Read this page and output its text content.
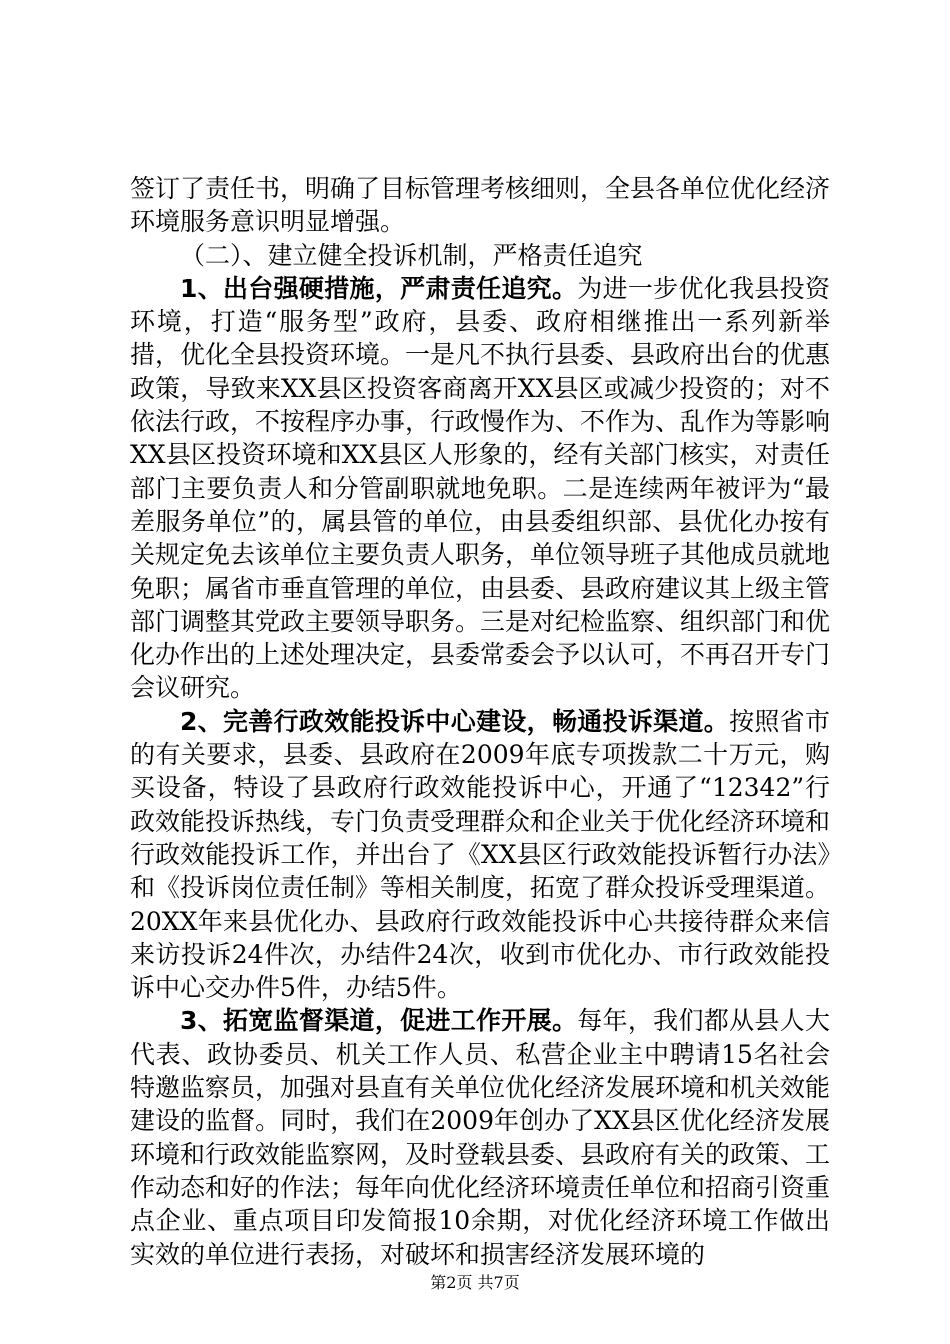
签订了责任书，明确了目标管理考核细则，全县各单位优化经济环境服务意识明显增强。

（二）、建立健全投诉机制，严格责任追究

1、出台强硬措施，严肃责任追究。为进一步优化我县投资环境，打造“服务型”政府，县委、政府相继推出一系列新举措，优化全县投资环境。一是凡不执行县委、县政府出台的优惠政策，导致来XX县区投资客商离开XX县区或减少投资的；对不依法行政，不按程序办事，行政慢作为、不作为、乱作为等影响XX县区投资环境和XX县区人形象的，经有关部门核实，对责任部门主要负责人和分管副职就地免职。二是连续两年被评为“最差服务单位”的，属县管的单位，由县委组织部、县优化办按有关规定免去该单位主要负责人职务，单位领导班子其他成员就地免职；属省市垂直管理的单位，由县委、县政府建议其上级主管部门调整其党政主要领导职务。三是对纪检监察、组织部门和优化办作出的上述处理决定，县委常委会予以认可，不再召开专门会议研究。

2、完善行政效能投诉中心建设，畅通投诉渠道。按照省市的有关要求，县委、县政府在2009年底专项拨款二十万元，购买设备，特设了县政府行政效能投诉中心，开通了“12342”行政效能投诉热线，专门负责受理群众和企业关于优化经济环境和行政效能投诉工作，并出台了《XX县区行政效能投诉暂行办法》和《投诉岗位责任制》等相关制度，拓宽了群众投诉受理渠道。20XX年来县优化办、县政府行政效能投诉中心共接待群众来信来访投诉24件次，办结件24次，收到市优化办、市行政效能投诉中心交办件5件，办结5件。

3、拓宽监督渠道，促进工作开展。每年，我们都从县人大代表、政协委员、机关工作人员、私营企业主中聘请15名社会特邀监察员，加强对县直有关单位优化经济发展环境和机关效能建设的监督。同时，我们在2009年创办了XX县区优化经济发展环境和行政效能监察网，及时登载县委、县政府有关的政策、工作动态和好的作法；每年向优化经济环境责任单位和招商引资重点企业、重点项目印发简报10余期，对优化经济环境工作做出实效的单位进行表扬，对破坏和损害经济发展环境的

第2页 共7页
